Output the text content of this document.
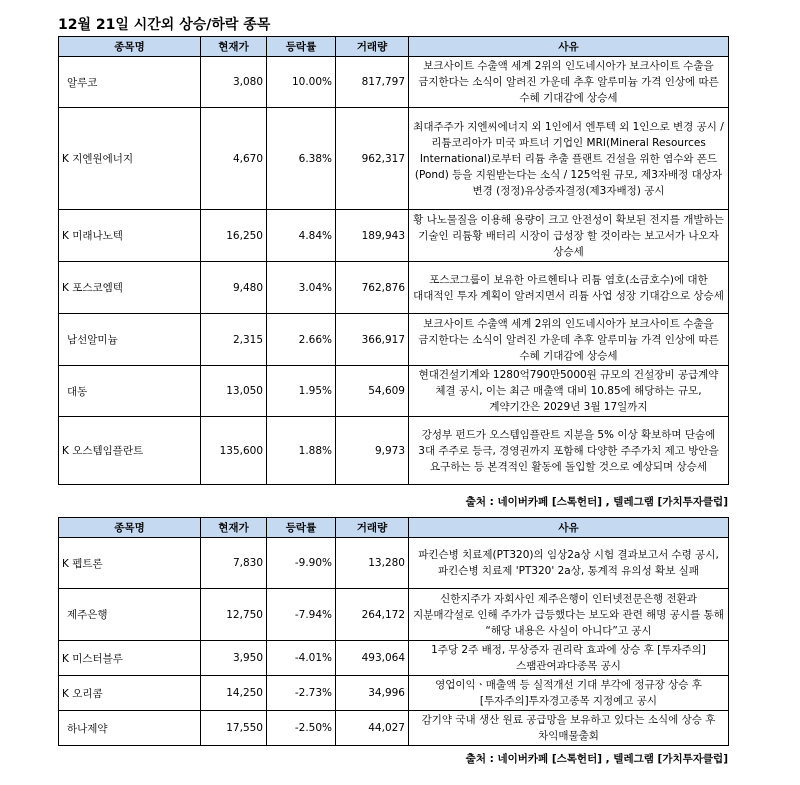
12월 21일 시간외 상승/하락 종목
종목명	현재가	등락률	거래량	사유
알루코	3,080	10.00%	817,797	보크사이트 수출액 세계 2위의 인도네시아가 보크사이트 수출을 금지한다는 소식이 알려진 가운데 추후 알루미늄 가격 인상에 따른 수혜 기대감에 상승세
K 지엔원에너지	4,670	6.38%	962,317	최대주주가 지엔씨에너지 외 1인에서 엔투텍 외 1인으로 변경 공시 / 리튬코리아가 미국 파트너 기업인 MRI(Mineral Resources International)로부터 리튬 추출 플랜트 건설을 위한 염수와 폰드(Pond) 등을 지원받는다는 소식 / 125억원 규모, 제3자배정 대상자 변경 (정정)유상증자결정(제3자배정) 공시
K 미래나노텍	16,250	4.84%	189,943	황 나노물질을 이용해 용량이 크고 안전성이 확보된 전지를 개발하는 기술인 리튬황 배터리 시장이 급성장 할 것이라는 보고서가 나오자 상승세
K 포스코엠텍	9,480	3.04%	762,876	포스코그룹이 보유한 아르헨티나 리튬 염호(소금호수)에 대한 대대적인 투자 계획이 알려지면서 리튬 사업 성장 기대감으로 상승세
남선알미늄	2,315	2.66%	366,917	보크사이트 수출액 세계 2위의 인도네시아가 보크사이트 수출을 금지한다는 소식이 알려진 가운데 추후 알루미늄 가격 인상에 따른 수혜 기대감에 상승세
대동	13,050	1.95%	54,609	현대건설기계와 1280억790만5000원 규모의 건설장비 공급계약 체결 공시, 이는 최근 매출액 대비 10.85에 해당하는 규모, 계약기간은 2029년 3월 17일까지
K 오스템임플란트	135,600	1.88%	9,973	강성부 펀드가 오스템임플란트 지분을 5% 이상 확보하며 단숨에 3대 주주로 등극, 경영권까지 포함해 다양한 주주가치 제고 방안을 요구하는 등 본격적인 활동에 돌입할 것으로 예상되며 상승세
출처 : 네이버카페 [스톡헌터] , 텔레그램 [가치투자클럽]
종목명	현재가	등락률	거래량	사유
K 펩트론	7,830	-9.90%	13,280	파킨슨병 치료제(PT320)의 임상2a상 시험 결과보고서 수령 공시, 파킨슨병 치료제 'PT320' 2a상, 통계적 유의성 확보 실패
제주은행	12,750	-7.94%	264,172	신한지주가 자회사인 제주은행이 인터넷전문은행 전환과 지분매각설로 인해 주가가 급등했다는 보도와 관련 해명 공시를 통해 “해당 내용은 사실이 아니다”고 공시
K 미스터블루	3,950	-4.01%	493,064	1주당 2주 배정, 무상증자 권리락 효과에 상승 후 [투자주의] 스팸관여과다종목 공시
K 오리콤	14,250	-2.73%	34,996	영업이익ㆍ매출액 등 실적개선 기대 부각에 정규장 상승 후 [투자주의]투자경고종목 지정예고 공시
하나제약	17,550	-2.50%	44,027	감기약 국내 생산 원료 공급망을 보유하고 있다는 소식에 상승 후 차익매물출회
출처 : 네이버카페 [스톡헌터] , 텔레그램 [가치투자클럽]
